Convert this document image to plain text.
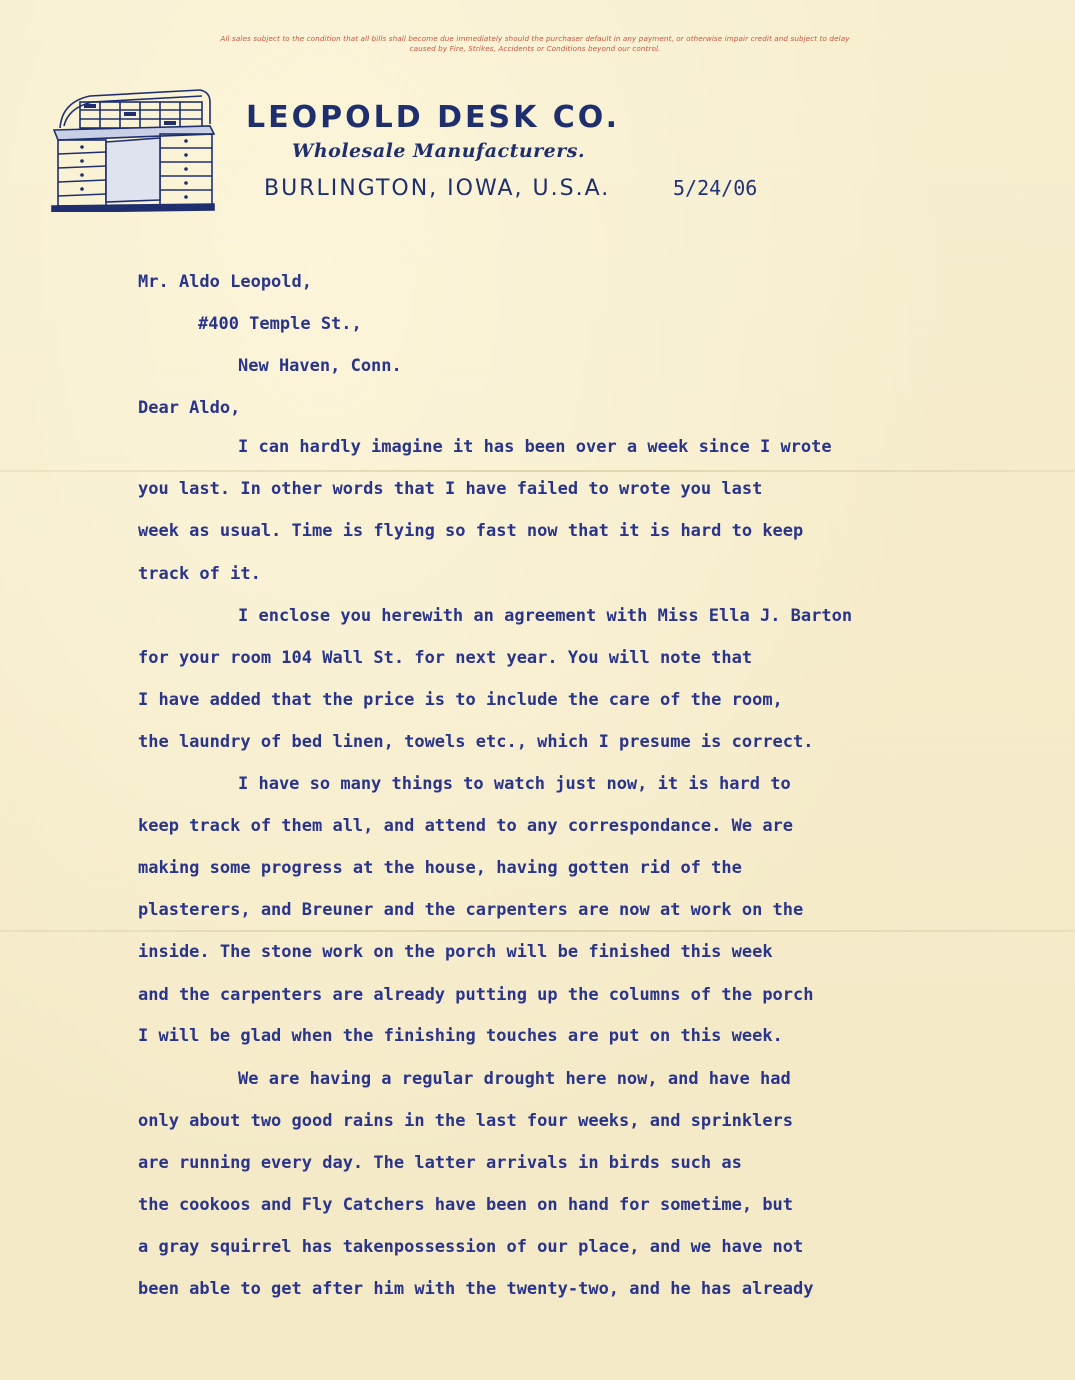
All sales subject to the condition that all bills shall become due immediately should the purchaser default in any payment, or otherwise impair credit and subject to delay
caused by Fire, Strikes, Accidents or Conditions beyond our control.
LEOPOLD DESK CO.
Wholesale Manufacturers.
BURLINGTON, IOWA, U.S.A.	5/24/06
Mr. Aldo Leopold,
#400 Temple St.,
New Haven, Conn.
Dear Aldo,
I can hardly imagine it has been over a week since I wrote
you last. In other words that I have failed to wrote you last
week as usual. Time is flying so fast now that it is hard to keep
track of it.
I enclose you herewith an agreement with Miss Ella J. Barton
for your room 104 Wall St. for next year. You will note that
I have added that the price is to include the care of the room,
the laundry of bed linen, towels etc., which I presume is correct.
I have so many things to watch just now, it is hard to
keep track of them all, and attend to any correspondance. We are
making some progress at the house, having gotten rid of the
plasterers, and Breuner and the carpenters are now at work on the
inside. The stone work on the porch will be finished this week
and the carpenters are already putting up the columns of the porch
I will be glad when the finishing touches are put on this week.
We are having a regular drought here now, and have had
only about two good rains in the last four weeks, and sprinklers
are running every day. The latter arrivals in birds such as
the cookoos and Fly Catchers have been on hand for sometime, but
a gray squirrel has takenpossession of our place, and we have not
been able to get after him with the twenty-two, and he has already
